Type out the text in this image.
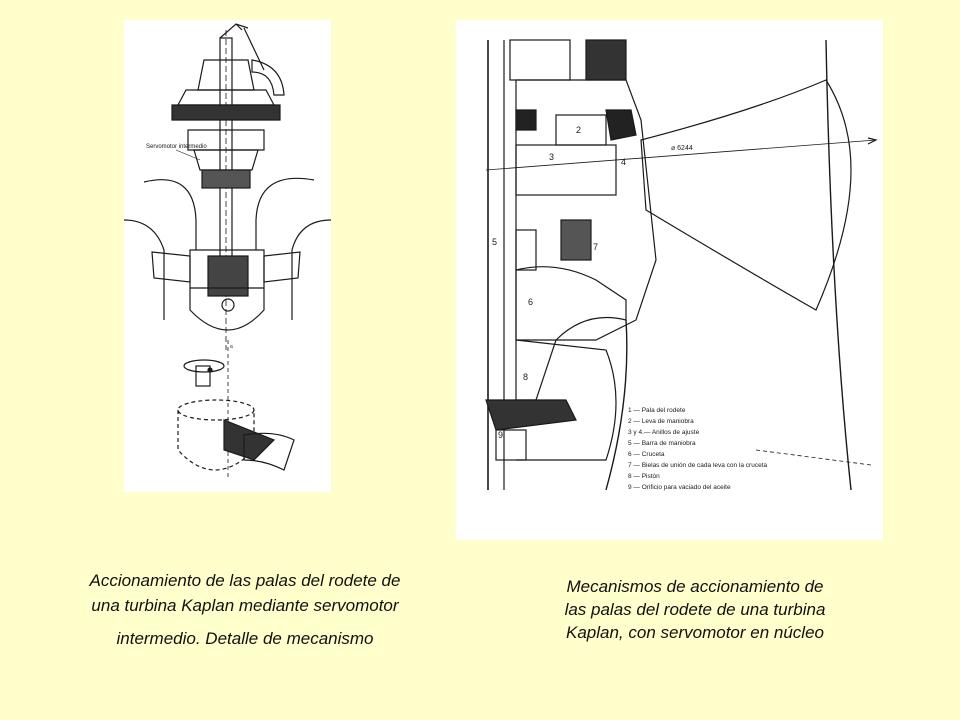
Servomotor intermedio
a
⌀ 6244
2
3	4
5
6
7
8
9
1 — Pala del rodete
2 — Leva de maniobra
3 y 4.— Anillos de ajuste
5 — Barra de maniobra
6 — Cruceta
7 — Bielas de unión de cada leva con la cruceta
8 — Pistón
9 — Orificio para vaciado del aceite
Accionamiento de las palas del rodete de
una turbina Kaplan mediante servomotor
intermedio. Detalle de mecanismo
Mecanismos de accionamiento de
las palas del rodete de una turbina
Kaplan, con servomotor en núcleo
